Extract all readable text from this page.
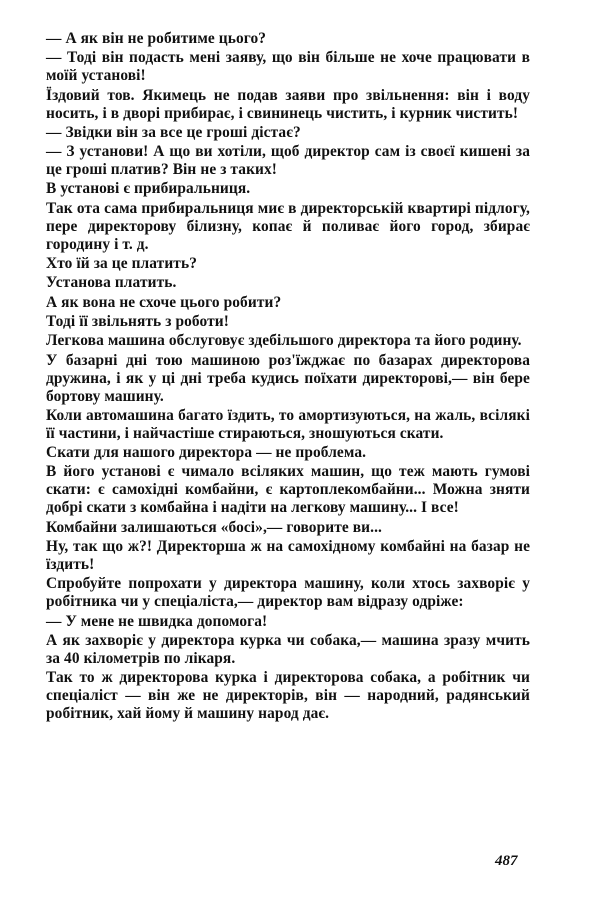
— А як він не робитиме цього?

— Тоді він подасть мені заяву, що він більше не хоче працювати в моїй установі!

Їздовий тов. Якимець не подав заяви про звільнення: він і воду носить, і в дворі прибирає, і свининець чистить, і курник чистить!

— Звідки він за все це гроші дістає?

— З установи! А що ви хотіли, щоб директор сам із своєї кишені за це гроші платив? Він не з таких!

В установі є прибиральниця.

Так ота сама прибиральниця миє в директорській квартирі підлогу, пере директорову білизну, копає й поливає його город, збирає городину і т. д.

Хто їй за це платить?

Установа платить.

А як вона не схоче цього робити?

Тоді її звільнять з роботи!

Легкова машина обслуговує здебільшого директора та його родину.

У базарні дні тою машиною роз'їжджає по базарах директорова дружина, і як у ці дні треба кудись поїхати директорові,— він бере бортову машину.

Коли автомашина багато їздить, то амортизуються, на жаль, всілякі її частини, і найчастіше стираються, зношуються скати.

Скати для нашого директора — не проблема.

В його установі є чимало всіляких машин, що теж мають гумові скати: є самохідні комбайни, є картоплекомбайни... Можна зняти добрі скати з комбайна і надіти на легкову машину... І все!

Комбайни залишаються «босі»,— говорите ви...

Ну, так що ж?! Директорша ж на самохідному комбайні на базар не їздить!

Спробуйте попрохати у директора машину, коли хтось захворіє у робітника чи у спеціаліста,— директор вам відразу одріже:

— У мене не швидка допомога!

А як захворіє у директора курка чи собака,— машина зразу мчить за 40 кілометрів по лікаря.

Так то ж директорова курка і директорова собака, а робітник чи спеціаліст — він же не директорів, він — народний, радянський робітник, хай йому й машину народ дає.

487
